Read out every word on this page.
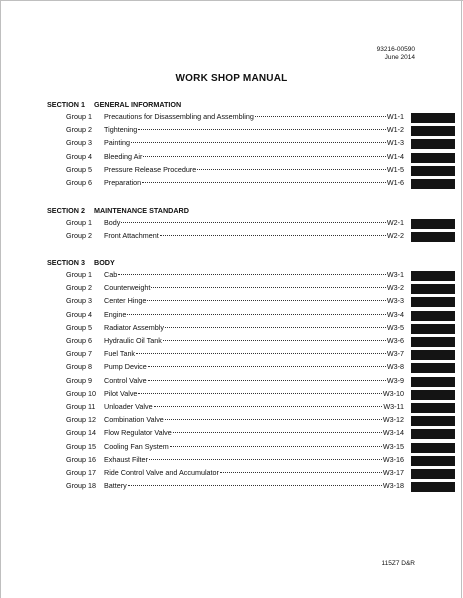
93216-00590
June 2014
WORK SHOP MANUAL
SECTION 1 GENERAL INFORMATION
Group 1	Precautions for Disassembling and Assembling	W1-1
Group 2	Tightening	W1-2
Group 3	Painting	W1-3
Group 4	Bleeding Air	W1-4
Group 5	Pressure Release Procedure	W1-5
Group 6	Preparation	W1-6
SECTION 2 MAINTENANCE STANDARD
Group 1	Body	W2-1
Group 2	Front Attachment	W2-2
SECTION 3 BODY
Group 1	Cab	W3-1
Group 2	Counterweight	W3-2
Group 3	Center Hinge	W3-3
Group 4	Engine	W3-4
Group 5	Radiator Assembly	W3-5
Group 6	Hydraulic Oil Tank	W3-6
Group 7	Fuel Tank	W3-7
Group 8	Pump Device	W3-8
Group 9	Control Valve	W3-9
Group 10	Pilot Valve	W3-10
Group 11	Unloader Valve	W3-11
Group 12	Combination Valve	W3-12
Group 14	Flow Regulator Valve	W3-14
Group 15	Cooling Fan System	W3-15
Group 16	Exhaust Filter	W3-16
Group 17	Ride Control Valve and Accumulator	W3-17
Group 18	Battery	W3-18
115Z7 D&R
